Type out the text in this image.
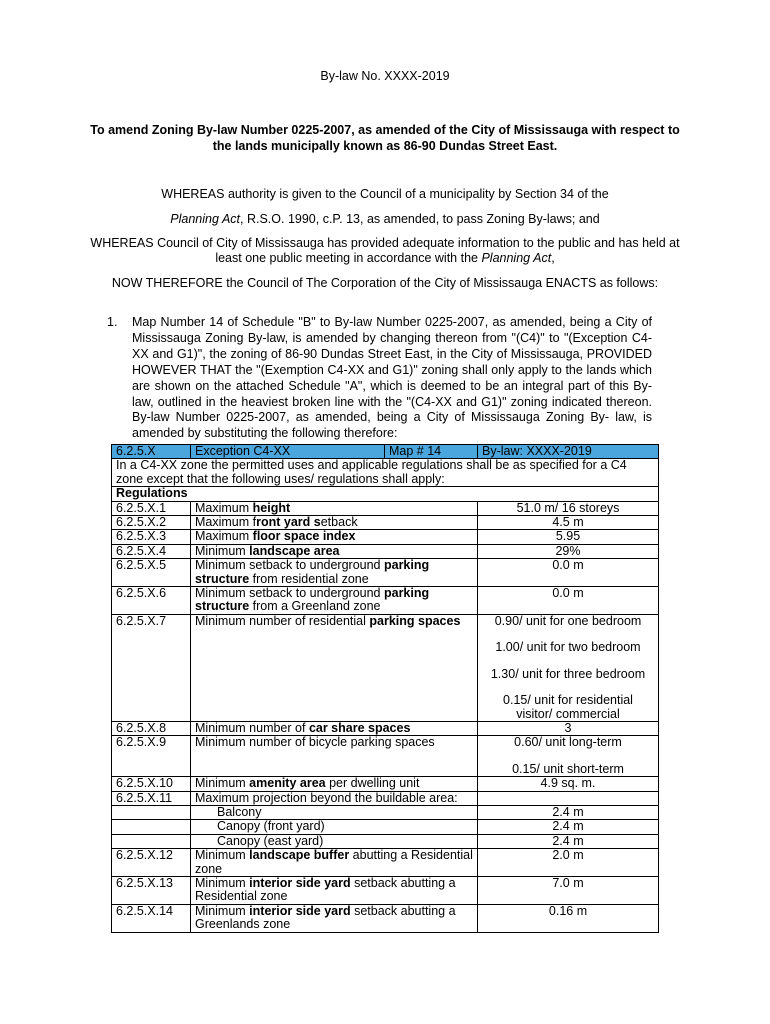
By-law No. XXXX-2019
To amend Zoning By-law Number 0225-2007, as amended of the City of Mississauga with respect to the lands municipally known as 86-90 Dundas Street East.
WHEREAS authority is given to the Council of a municipality by Section 34 of the
Planning Act, R.S.O. 1990, c.P. 13, as amended, to pass Zoning By-laws; and
WHEREAS Council of City of Mississauga has provided adequate information to the public and has held at least one public meeting in accordance with the Planning Act,
NOW THEREFORE the Council of The Corporation of the City of Mississauga ENACTS as follows:
1. Map Number 14 of Schedule "B" to By-law Number 0225-2007, as amended, being a City of Mississauga Zoning By-law, is amended by changing thereon from "(C4)" to "(Exception C4-XX and G1)", the zoning of 86-90 Dundas Street East, in the City of Mississauga, PROVIDED HOWEVER THAT the "(Exemption C4-XX and G1)" zoning shall only apply to the lands which are shown on the attached Schedule "A", which is deemed to be an integral part of this By-law, outlined in the heaviest broken line with the "(C4-XX and G1)" zoning indicated thereon. By-law Number 0225-2007, as amended, being a City of Mississauga Zoning By- law, is amended by substituting the following therefore:
6.2.5.X	Exception C4-XX	Map # 14	By-law: XXXX-2019
In a C4-XX zone the permitted uses and applicable regulations shall be as specified for a C4 zone except that the following uses/ regulations shall apply:			
Regulations			
6.2.5.X.1	Maximum height		51.0 m/ 16 storeys
6.2.5.X.2	Maximum front yard setback		4.5 m
6.2.5.X.3	Maximum floor space index		5.95
6.2.5.X.4	Minimum landscape area		29%
6.2.5.X.5	Minimum setback to underground parking structure from residential zone		0.0 m
6.2.5.X.6	Minimum setback to underground parking structure from a Greenland zone		0.0 m
6.2.5.X.7	Minimum number of residential parking spaces		0.90/ unit for one bedroom
1.00/ unit for two bedroom
1.30/ unit for three bedroom
0.15/ unit for residential visitor/ commercial

6.2.5.X.8	Minimum number of car share spaces		3
6.2.5.X.9	Minimum number of bicycle parking spaces		0.60/ unit long-term
0.15/ unit short-term

6.2.5.X.10	Minimum amenity area per dwelling unit		4.9 sq. m.
6.2.5.X.11	Maximum projection beyond the buildable area:		
	Balcony		2.4 m
	Canopy (front yard)		2.4 m
	Canopy (east yard)		2.4 m
6.2.5.X.12	Minimum landscape buffer abutting a Residential zone		2.0 m
6.2.5.X.13	Minimum interior side yard setback abutting a Residential zone		7.0 m
6.2.5.X.14	Minimum interior side yard setback abutting a Greenlands zone		0.16 m
